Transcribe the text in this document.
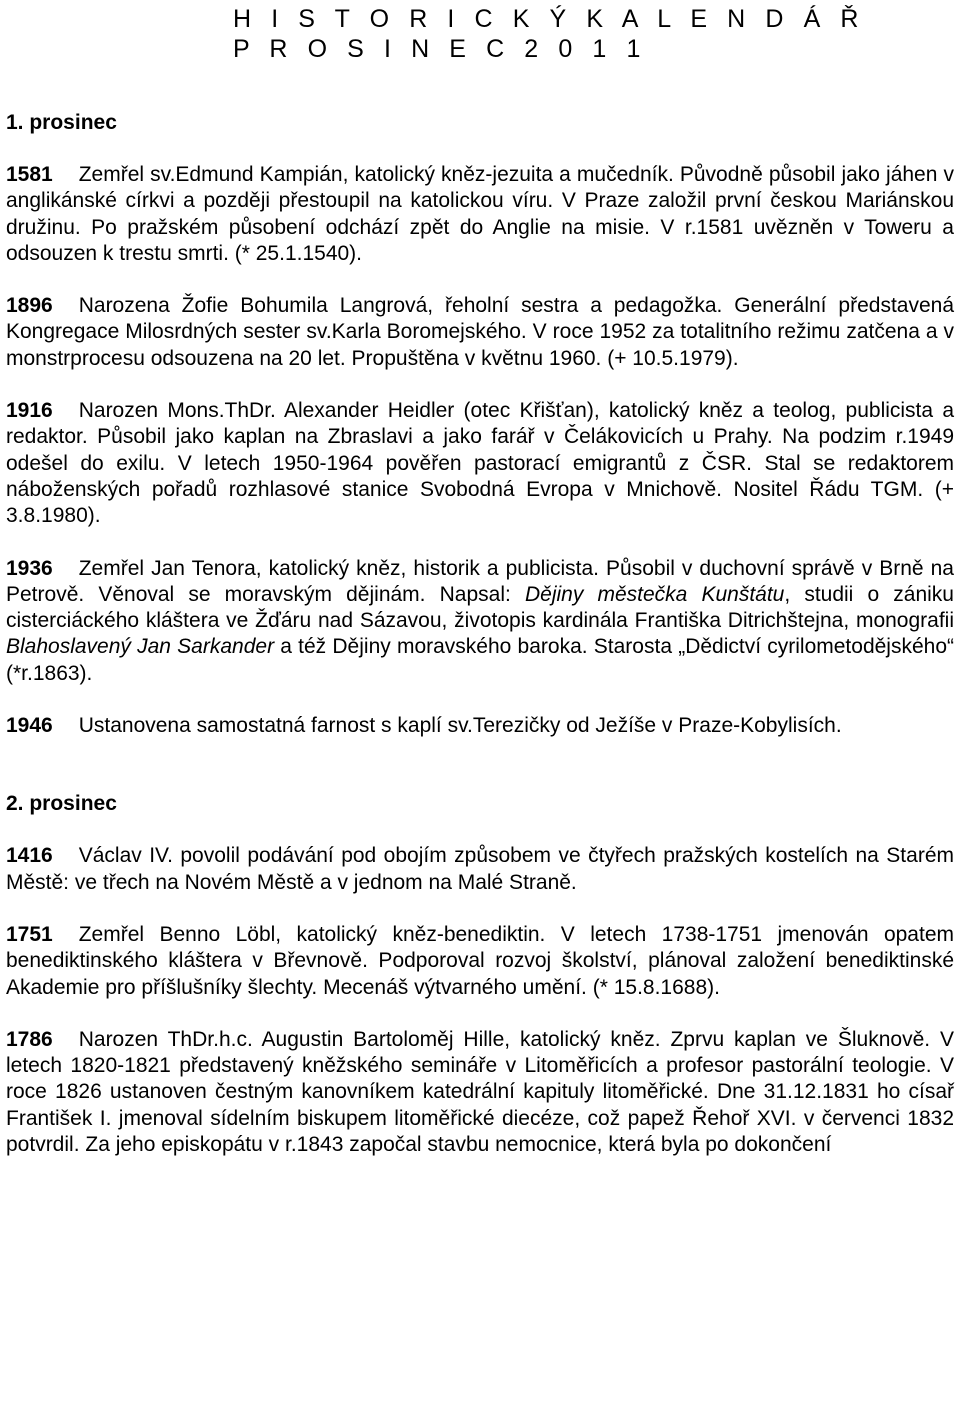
H I S T O R I C K Ý K A L E N D Á Ř
P R O S I N E C 2 0 1 1

1. prosinec

1581 Zemřel sv.Edmund Kampián, katolický kněz-jezuita a mučedník. Původně působil jako jáhen v anglikánské církvi a později přestoupil na katolickou víru. V Praze založil první českou Mariánskou družinu. Po pražském působení odchází zpět do Anglie na misie. V r.1581 uvězněn v Toweru a odsouzen k trestu smrti. (* 25.1.1540).

1896 Narozena Žofie Bohumila Langrová, řeholní sestra a pedagožka. Generální představená Kongregace Milosrdných sester sv.Karla Boromejského. V roce 1952 za totalitního režimu zatčena a v monstrprocesu odsouzena na 20 let. Propuštěna v květnu 1960. (+ 10.5.1979).

1916 Narozen Mons.ThDr. Alexander Heidler (otec Křišťan), katolický kněz a teolog, publicista a redaktor. Působil jako kaplan na Zbraslavi a jako farář v Čelákovicích u Prahy. Na podzim r.1949 odešel do exilu. V letech 1950-1964 pověřen pastorací emigrantů z ČSR. Stal se redaktorem náboženských pořadů rozhlasové stanice Svobodná Evropa v Mnichově. Nositel Řádu TGM. (+ 3.8.1980).

1936 Zemřel Jan Tenora, katolický kněz, historik a publicista. Působil v duchovní správě v Brně na Petrově. Věnoval se moravským dějinám. Napsal: Dějiny městečka Kunštátu, studii o zániku cisterciáckého kláštera ve Žďáru nad Sázavou, životopis kardinála Františka Ditrichštejna, monografii Blahoslavený Jan Sarkander a též Dějiny moravského baroka. Starosta „Dědictví cyrilometodějského“ (*r.1863).

1946 Ustanovena samostatná farnost s kaplí sv.Terezičky od Ježíše v Praze-Kobylisích.

2. prosinec

1416 Václav IV. povolil podávání pod obojím způsobem ve čtyřech pražských kostelích na Starém Městě: ve třech na Novém Městě a v jednom na Malé Straně.

1751 Zemřel Benno Löbl, katolický kněz-benediktin. V letech 1738-1751 jmenován opatem benediktinského kláštera v Břevnově. Podporoval rozvoj školství, plánoval založení benediktinské Akademie pro příšlušníky šlechty. Mecenáš výtvarného umění. (* 15.8.1688).

1786 Narozen ThDr.h.c. Augustin Bartoloměj Hille, katolický kněz. Zprvu kaplan ve Šluknově. V letech 1820-1821 představený kněžského semináře v Litoměřicích a profesor pastorální teologie. V roce 1826 ustanoven čestným kanovníkem katedrální kapituly litoměřické. Dne 31.12.1831 ho císař František I. jmenoval sídelním biskupem litoměřické diecéze, což papež Řehoř XVI. v červenci 1832 potvrdil. Za jeho episkopátu v r.1843 započal stavbu nemocnice, která byla po dokončení
